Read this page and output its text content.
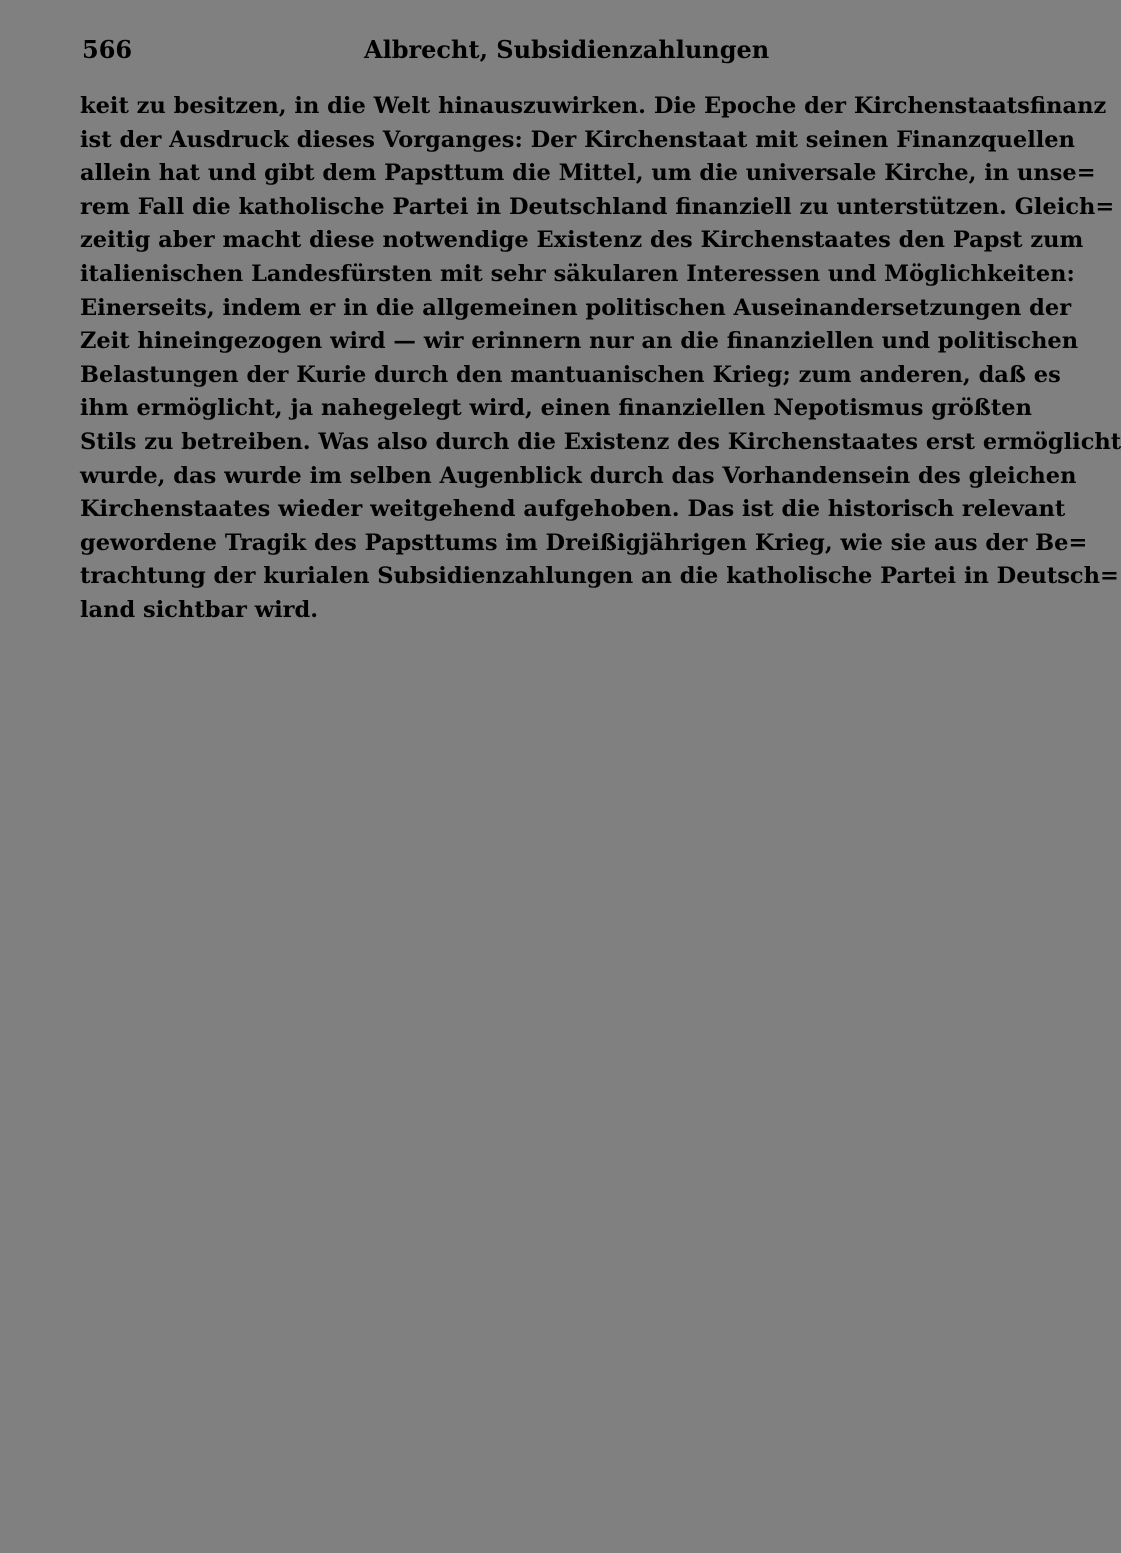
566	Albrecht, Subsidienzahlungen
keit zu besitzen, in die Welt hinauszuwirken. Die Epoche der Kirchenstaatsfinanz
ist der Ausdruck dieses Vorganges: Der Kirchenstaat mit seinen Finanzquellen
allein hat und gibt dem Papsttum die Mittel, um die universale Kirche, in unse=
rem Fall die katholische Partei in Deutschland finanziell zu unterstützen. Gleich=
zeitig aber macht diese notwendige Existenz des Kirchenstaates den Papst zum
italienischen Landesfürsten mit sehr säkularen Interessen und Möglichkeiten:
Einerseits, indem er in die allgemeinen politischen Auseinandersetzungen der
Zeit hineingezogen wird — wir erinnern nur an die finanziellen und politischen
Belastungen der Kurie durch den mantuanischen Krieg; zum anderen, daß es
ihm ermöglicht, ja nahegelegt wird, einen finanziellen Nepotismus größten
Stils zu betreiben. Was also durch die Existenz des Kirchenstaates erst ermöglicht
wurde, das wurde im selben Augenblick durch das Vorhandensein des gleichen
Kirchenstaates wieder weitgehend aufgehoben. Das ist die historisch relevant
gewordene Tragik des Papsttums im Dreißigjährigen Krieg, wie sie aus der Be=
trachtung der kurialen Subsidienzahlungen an die katholische Partei in Deutsch=
land sichtbar wird.
